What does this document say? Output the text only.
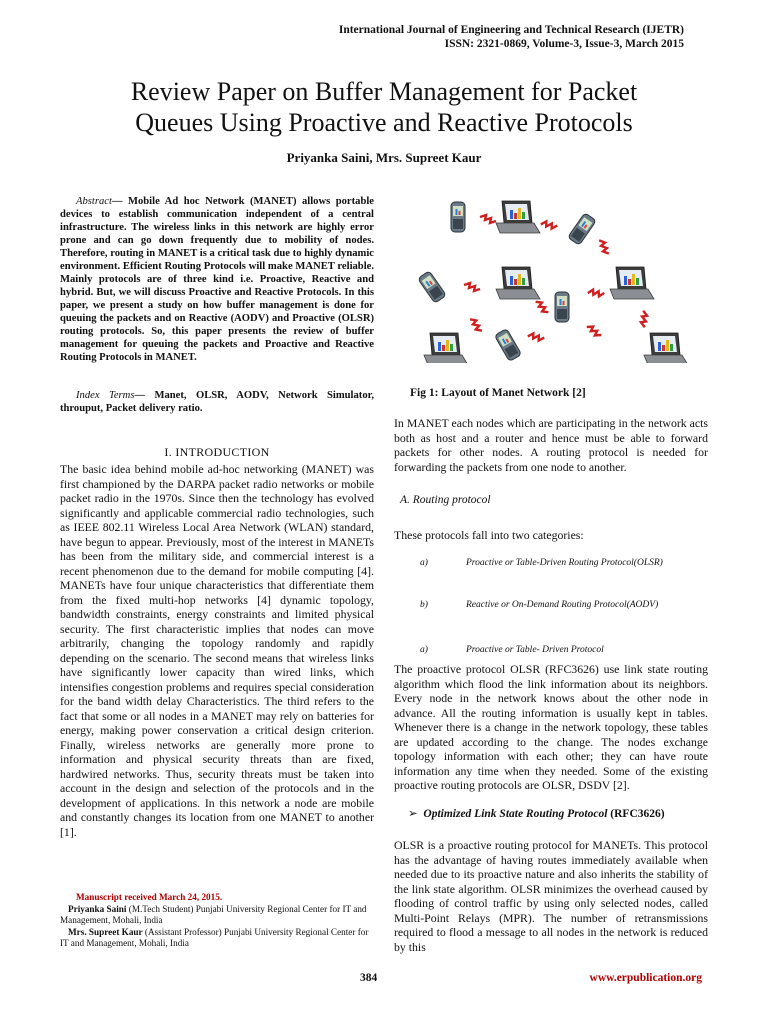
International Journal of Engineering and Technical Research (IJETR)
ISSN: 2321-0869, Volume-3, Issue-3, March 2015
Review Paper on Buffer Management for Packet
Queues Using Proactive and Reactive Protocols
Priyanka Saini, Mrs. Supreet Kaur
Abstract— Mobile Ad hoc Network (MANET) allows portable devices to establish communication independent of a central infrastructure. The wireless links in this network are highly error prone and can go down frequently due to mobility of nodes. Therefore, routing in MANET is a critical task due to highly dynamic environment. Efficient Routing Protocols will make MANET reliable. Mainly protocols are of three kind i.e. Proactive, Reactive and hybrid. But, we will discuss Proactive and Reactive Protocols. In this paper, we present a study on how buffer management is done for queuing the packets and on Reactive (AODV) and Proactive (OLSR) routing protocols. So, this paper presents the review of buffer management for queuing the packets and Proactive and Reactive Routing Protocols in MANET.
Index Terms— Manet, OLSR, AODV, Network Simulator, throuput, Packet delivery ratio.
I. INTRODUCTION
The basic idea behind mobile ad-hoc networking (MANET) was first championed by the DARPA packet radio networks or mobile packet radio in the 1970s. Since then the technology has evolved significantly and applicable commercial radio technologies, such as IEEE 802.11 Wireless Local Area Network (WLAN) standard, have begun to appear. Previously, most of the interest in MANETs has been from the military side, and commercial interest is a recent phenomenon due to the demand for mobile computing [4]. MANETs have four unique characteristics that differentiate them from the fixed multi-hop networks [4] dynamic topology, bandwidth constraints, energy constraints and limited physical security. The first characteristic implies that nodes can move arbitrarily, changing the topology randomly and rapidly depending on the scenario. The second means that wireless links have significantly lower capacity than wired links, which intensifies congestion problems and requires special consideration for the band width delay Characteristics. The third refers to the fact that some or all nodes in a MANET may rely on batteries for energy, making power conservation a critical design criterion. Finally, wireless networks are generally more prone to information and physical security threats than are fixed, hardwired networks. Thus, security threats must be taken into account in the design and selection of the protocols and in the development of applications. In this network a node are mobile and constantly changes its location from one MANET to another [1].
Manuscript received March 24, 2015.
Priyanka Saini (M.Tech Student) Punjabi University Regional Center for IT and Management, Mohali, India
Mrs. Supreet Kaur (Assistant Professor) Punjabi University Regional Center for IT and Management, Mohali, India
Fig 1: Layout of Manet Network [2]
In MANET each nodes which are participating in the network acts both as host and a router and hence must be able to forward packets for other nodes. A routing protocol is needed for forwarding the packets from one node to another.
A. Routing protocol
These protocols fall into two categories:
a)	Proactive or Table-Driven Routing Protocol(OLSR)
b)	Reactive or On-Demand Routing Protocol(AODV)
a)	Proactive or Table- Driven Protocol
The proactive protocol OLSR (RFC3626) use link state routing algorithm which flood the link information about its neighbors. Every node in the network knows about the other node in advance. All the routing information is usually kept in tables. Whenever there is a change in the network topology, these tables are updated according to the change. The nodes exchange topology information with each other; they can have route information any time when they needed. Some of the existing proactive routing protocols are OLSR, DSDV [2].
➢ Optimized Link State Routing Protocol (RFC3626)
OLSR is a proactive routing protocol for MANETs. This protocol has the advantage of having routes immediately available when needed due to its proactive nature and also inherits the stability of the link state algorithm. OLSR minimizes the overhead caused by flooding of control traffic by using only selected nodes, called Multi-Point Relays (MPR). The number of retransmissions required to flood a message to all nodes in the network is reduced by this
384	www.erpublication.org
